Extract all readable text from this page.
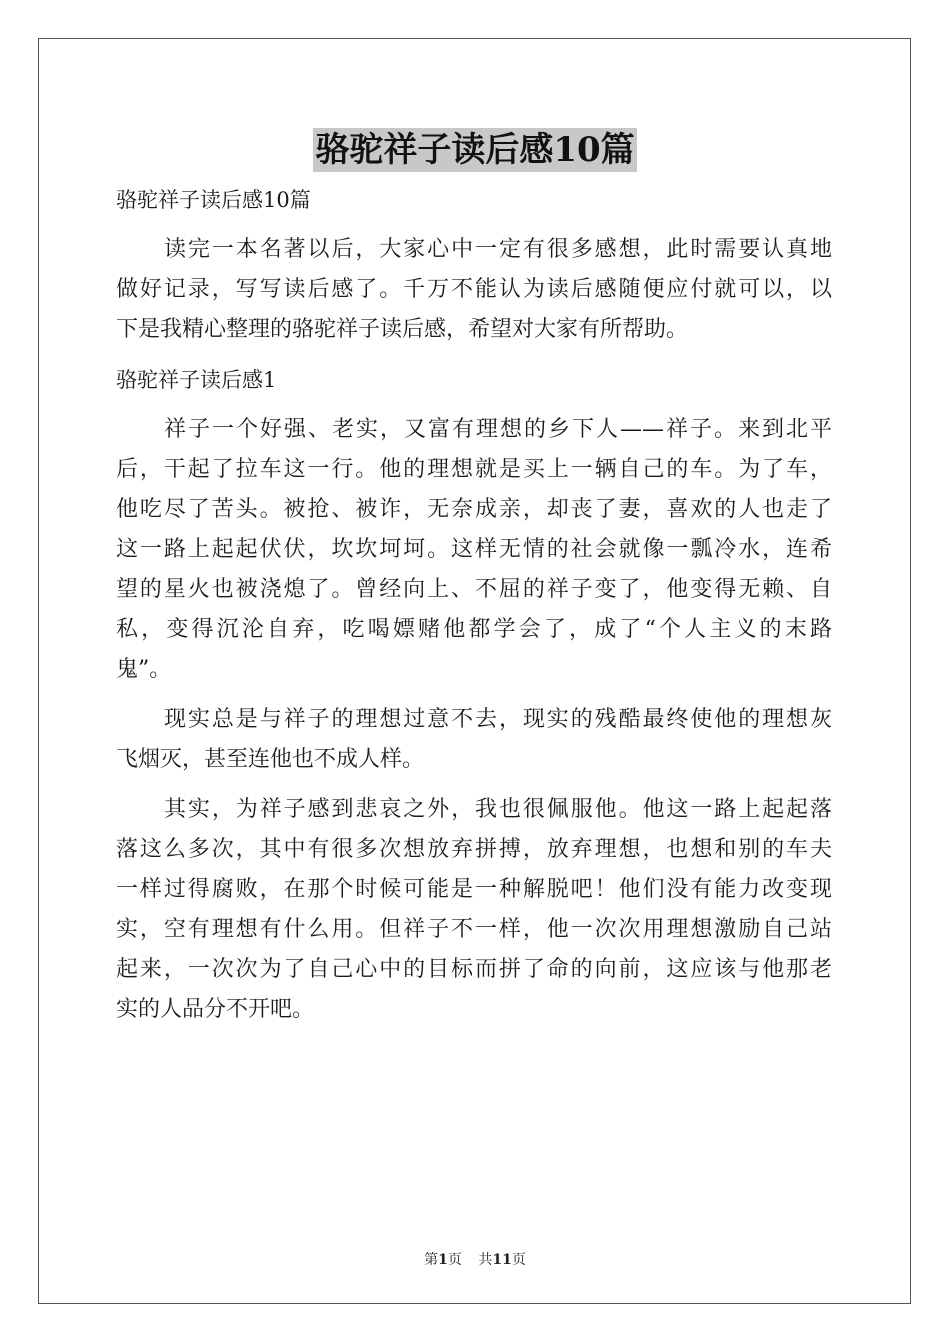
骆驼祥子读后感10篇
骆驼祥子读后感10篇
读完一本名著以后，大家心中一定有很多感想，此时需要认真地
做好记录，写写读后感了。千万不能认为读后感随便应付就可以，以
下是我精心整理的骆驼祥子读后感，希望对大家有所帮助。
骆驼祥子读后感1
祥子一个好强、老实，又富有理想的乡下人——祥子。来到北平
后，干起了拉车这一行。他的理想就是买上一辆自己的车。为了车，
他吃尽了苦头。被抢、被诈，无奈成亲，却丧了妻，喜欢的人也走了
这一路上起起伏伏，坎坎坷坷。这样无情的社会就像一瓢冷水，连希
望的星火也被浇熄了。曾经向上、不屈的祥子变了，他变得无赖、自
私，变得沉沦自弃，吃喝嫖赌他都学会了，成了“个人主义的末路
鬼”。
现实总是与祥子的理想过意不去，现实的残酷最终使他的理想灰
飞烟灭，甚至连他也不成人样。
其实，为祥子感到悲哀之外，我也很佩服他。他这一路上起起落
落这么多次，其中有很多次想放弃拼搏，放弃理想，也想和别的车夫
一样过得腐败，在那个时候可能是一种解脱吧！他们没有能力改变现
实，空有理想有什么用。但祥子不一样，他一次次用理想激励自己站
起来，一次次为了自己心中的目标而拼了命的向前，这应该与他那老
实的人品分不开吧。
第1页 共11页
